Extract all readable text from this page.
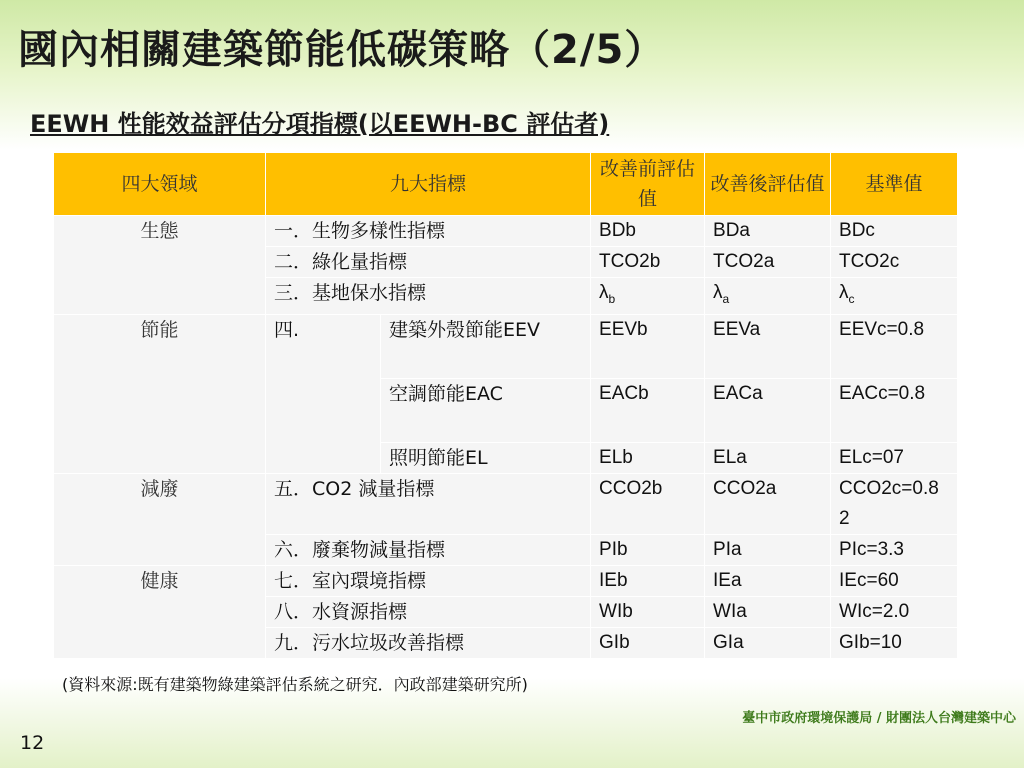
國內相關建築節能低碳策略（2/5）
EEWH 性能效益評估分項指標(以EEWH-BC 評估者)
四大領域	九大指標		改善前評估值	改善後評估值	基準值
生態	一．生物多樣性指標		BDb	BDa	BDc
	二．綠化量指標		TCO2b	TCO2a	TCO2c
	三．基地保水指標		$\lambda_b$	$\lambda_a$	$\lambda_c$
節能	四.	建築外殼節能EEV	EEVb	EEVa	EEVc=0.8
		空調節能EAC	EACb	EACa	EACc=0.8
		照明節能EL	ELb	ELa	ELc=07
減廢	五．CO2 減量指標		CCO2b	CCO2a	CCO2c=0.82
	六．廢棄物減量指標		PIb	PIa	PIc=3.3
健康	七．室內環境指標		IEb	IEa	IEc=60
	八．水資源指標		WIb	WIa	WIc=2.0
	九．污水垃圾改善指標		GIb	GIa	GIb=10

(資料來源:既有建築物綠建築評估系統之研究．內政部建築研究所)

臺中市政府環境保護局 / 財團法人台灣建築中心

12
